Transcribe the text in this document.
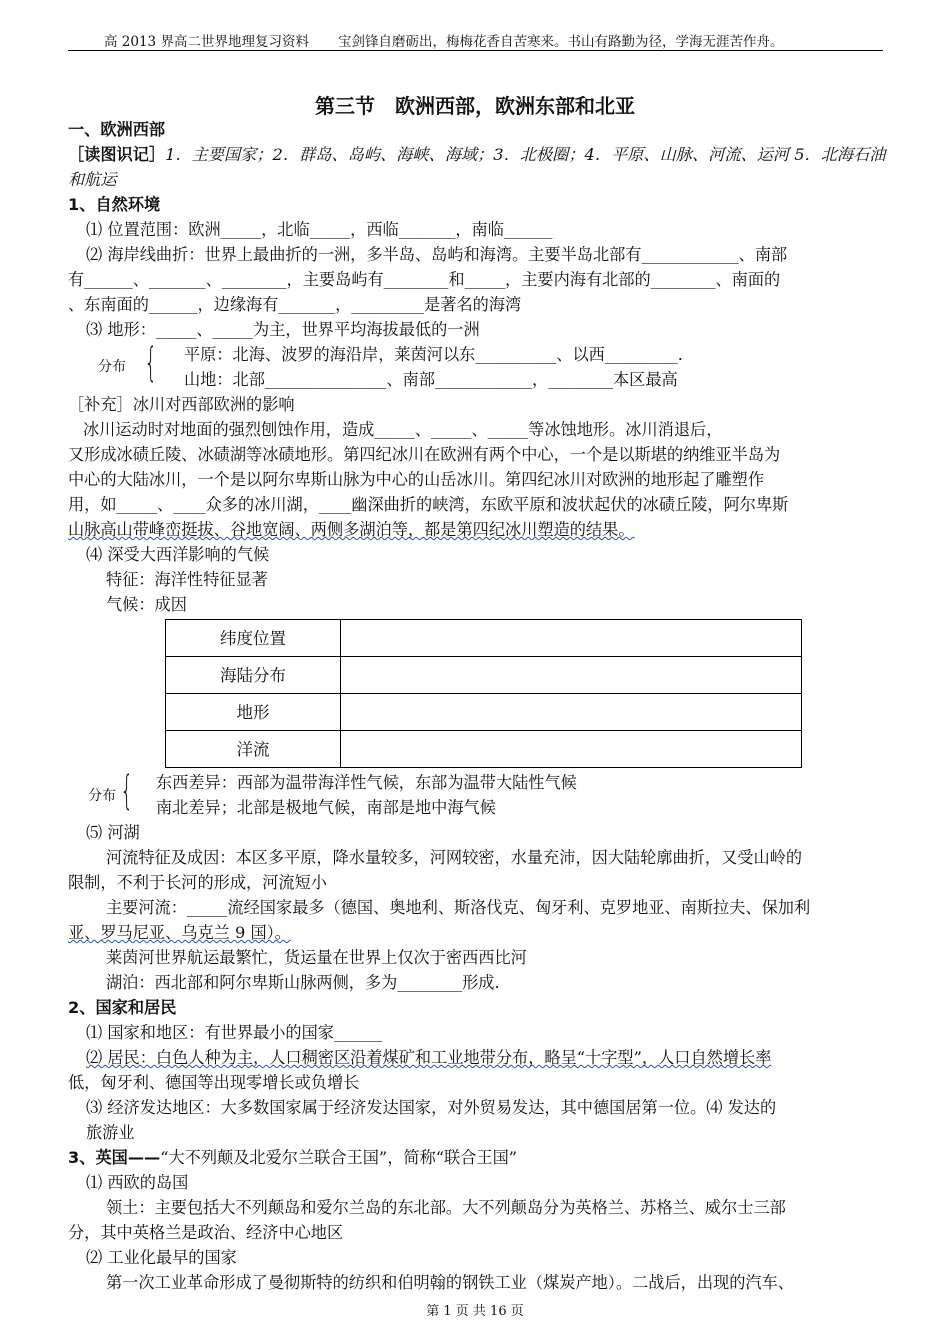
高 2013 界高二世界地理复习资料 宝剑锋自磨砺出，梅梅花香自苦寒来。书山有路勤为径，学海无涯苦作舟。
第三节　欧洲西部，欧洲东部和北亚

一、欧洲西部

［读图识记］1．主要国家；2．群岛、岛屿、海峡、海域；3．北极圈；4．平原、山脉、河流、运河 5．北海石油

和航运

1、自然环境

⑴ 位置范围：欧洲_____，北临_____，西临_______，南临______

⑵ 海岸线曲折：世界上最曲折的一洲，多半岛、岛屿和海湾。主要半岛北部有____________、南部

有______、_______、________，主要岛屿有________和_____，主要内海有北部的________、南面的

、东南面的______，边缘海有_______，_________是著名的海湾

⑶ 地形：_____、_____为主，世界平均海拔最低的一洲

分布 { 平原：北海、波罗的海沿岸，莱茵河以东__________、以西_________.

山地：北部_______________、南部____________，________本区最高

［补充］冰川对西部欧洲的影响

冰川运动时对地面的强烈刨蚀作用，造成_____、_____、_____等冰蚀地形。冰川消退后，

又形成冰碛丘陵、冰碛湖等冰碛地形。第四纪冰川在欧洲有两个中心，一个是以斯堪的纳维亚半岛为

中心的大陆冰川，一个是以阿尔卑斯山脉为中心的山岳冰川。第四纪冰川对欧洲的地形起了雕塑作

用，如_____、____众多的冰川湖，____幽深曲折的峡湾，东欧平原和波状起伏的冰碛丘陵，阿尔卑斯

山脉高山带峰峦挺拔、谷地宽阔、两侧多湖泊等，都是第四纪冰川塑造的结果。

⑷ 深受大西洋影响的气候

特征：海洋性特征显著

气候：成因

纬度位置	
海陆分布	
地形	
洋流	
分布 { 东西差异：西部为温带海洋性气候，东部为温带大陆性气候

南北差异；北部是极地气候，南部是地中海气候

⑸ 河湖

河流特征及成因：本区多平原，降水量较多，河网较密，水量充沛，因大陆轮廓曲折，又受山岭的

限制，不利于长河的形成，河流短小

主要河流：_____流经国家最多（德国、奥地利、斯洛伐克、匈牙利、克罗地亚、南斯拉夫、保加利

亚、罗马尼亚、乌克兰 9 国）。

莱茵河世界航运最繁忙，货运量在世界上仅次于密西西比河

湖泊：西北部和阿尔卑斯山脉两侧，多为________形成.

2、国家和居民

⑴ 国家和地区：有世界最小的国家______

⑵ 居民：白色人种为主，人口稠密区沿着煤矿和工业地带分布，略呈“十字型”，人口自然增长率

低，匈牙利、德国等出现零增长或负增长

⑶ 经济发达地区：大多数国家属于经济发达国家，对外贸易发达，其中德国居第一位。⑷ 发达的

旅游业

3、英国——“大不列颠及北爱尔兰联合王国”，简称“联合王国”

⑴ 西欧的岛国

领土：主要包括大不列颠岛和爱尔兰岛的东北部。大不列颠岛分为英格兰、苏格兰、威尔士三部

分，其中英格兰是政治、经济中心地区

⑵ 工业化最早的国家

第一次工业革命形成了曼彻斯特的纺织和伯明翰的钢铁工业（煤炭产地）。二战后，出现的汽车、

第 1 页 共 16 页
